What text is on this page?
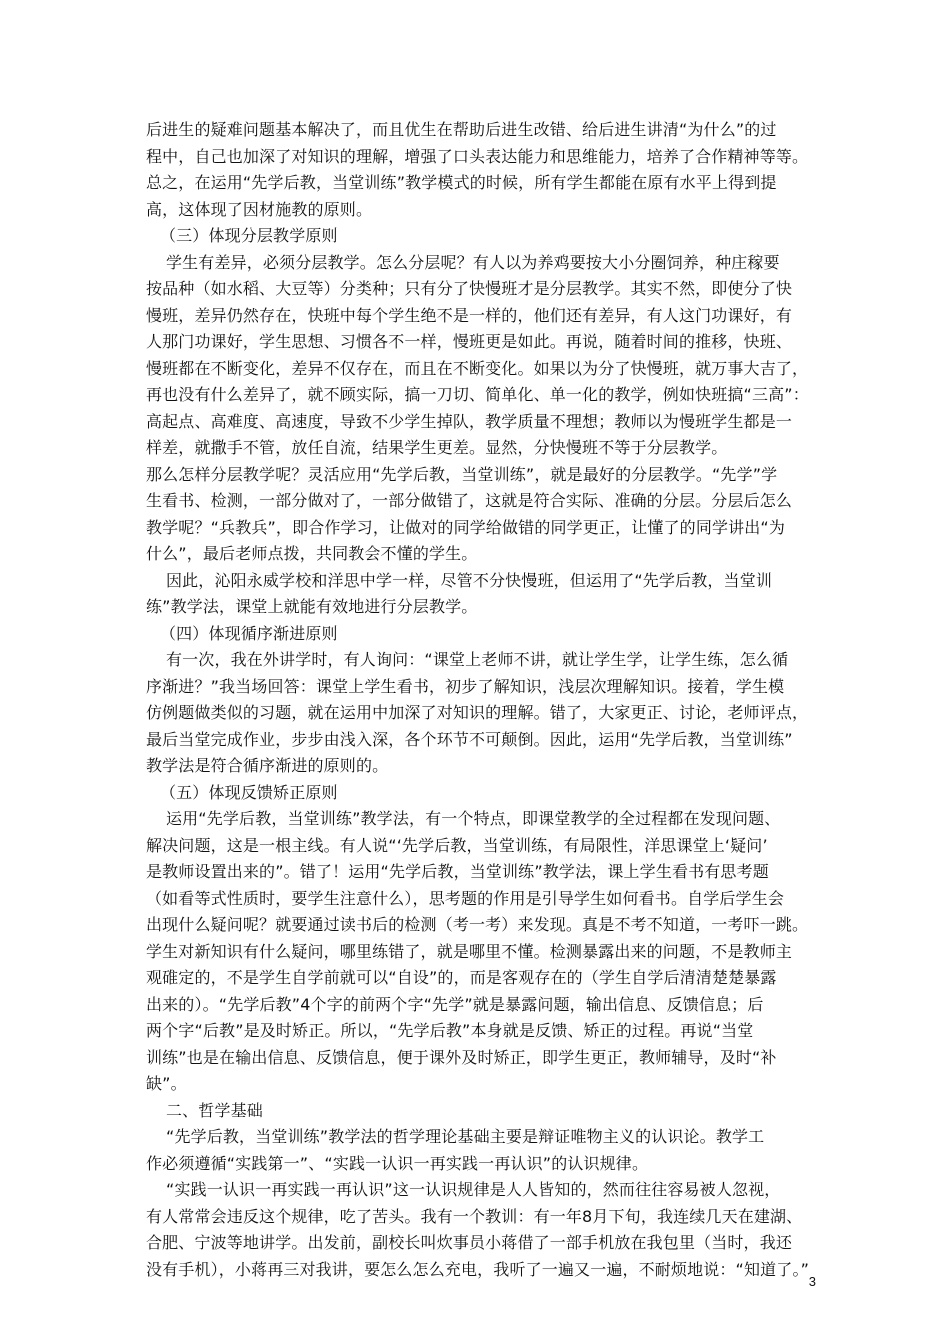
后进生的疑难问题基本解决了，而且优生在帮助后进生改错、给后进生讲清“为什么”的过
程中，自己也加深了对知识的理解，增强了口头表达能力和思维能力，培养了合作精神等等。
总之，在运用“先学后教，当堂训练”教学模式的时候，所有学生都能在原有水平上得到提
高，这体现了因材施教的原则。
（三）体现分层教学原则
学生有差异，必须分层教学。怎么分层呢？有人以为养鸡要按大小分圈饲养，种庄稼要
按品种（如水稻、大豆等）分类种；只有分了快慢班才是分层教学。其实不然，即使分了快
慢班，差异仍然存在，快班中每个学生绝不是一样的，他们还有差异，有人这门功课好，有
人那门功课好，学生思想、习惯各不一样，慢班更是如此。再说，随着时间的推移，快班、
慢班都在不断变化，差异不仅存在，而且在不断变化。如果以为分了快慢班，就万事大吉了，
再也没有什么差异了，就不顾实际，搞一刀切、简单化、单一化的教学，例如快班搞“三高”：
高起点、高难度、高速度，导致不少学生掉队，教学质量不理想；教师以为慢班学生都是一
样差，就撒手不管，放任自流，结果学生更差。显然，分快慢班不等于分层教学。
那么怎样分层教学呢？灵活应用“先学后教，当堂训练”，就是最好的分层教学。“先学”学
生看书、检测，一部分做对了，一部分做错了，这就是符合实际、准确的分层。分层后怎么
教学呢？“兵教兵”，即合作学习，让做对的同学给做错的同学更正，让懂了的同学讲出“为
什么”，最后老师点拨，共同教会不懂的学生。
因此，沁阳永威学校和洋思中学一样，尽管不分快慢班，但运用了“先学后教，当堂训
练”教学法，课堂上就能有效地进行分层教学。
（四）体现循序渐进原则
有一次，我在外讲学时，有人询问：“课堂上老师不讲，就让学生学，让学生练，怎么循
序渐进？”我当场回答：课堂上学生看书，初步了解知识，浅层次理解知识。接着，学生模
仿例题做类似的习题，就在运用中加深了对知识的理解。错了，大家更正、讨论，老师评点，
最后当堂完成作业，步步由浅入深，各个环节不可颠倒。因此，运用“先学后教，当堂训练”
教学法是符合循序渐进的原则的。
（五）体现反馈矫正原则
运用“先学后教，当堂训练”教学法，有一个特点，即课堂教学的全过程都在发现问题、
解决问题，这是一根主线。有人说“‘先学后教，当堂训练，有局限性，洋思课堂上‘疑问’
是教师设置出来的”。错了！运用“先学后教，当堂训练”教学法，课上学生看书有思考题
（如看等式性质时，要学生注意什么），思考题的作用是引导学生如何看书。自学后学生会
出现什么疑问呢？就要通过读书后的检测（考一考）来发现。真是不考不知道，一考吓一跳。
学生对新知识有什么疑问，哪里练错了，就是哪里不懂。检测暴露出来的问题，不是教师主
观碓定的，不是学生自学前就可以“自设”的，而是客观存在的（学生自学后清清楚楚暴露
出来的）。“先学后教”4个字的前两个字“先学”就是暴露问题，输出信息、反馈信息；后
两个字“后教”是及时矫正。所以，“先学后教”本身就是反馈、矫正的过程。再说“当堂
训练”也是在输出信息、反馈信息，便于课外及时矫正，即学生更正，教师辅导，及时“补
缺”。
二、哲学基础
“先学后教，当堂训练”教学法的哲学理论基础主要是辩证唯物主义的认识论。教学工
作必须遵循“实践第一”、“实践一认识一再实践一再认识”的认识规律。
“实践一认识一再实践一再认识”这一认识规律是人人皆知的，然而往往容易被人忽视，
有人常常会违反这个规律，吃了苦头。我有一个教训：有一年8月下旬，我连续几天在建湖、
合肥、宁波等地讲学。出发前，副校长叫炊事员小蒋借了一部手机放在我包里（当时，我还
没有手机），小蒋再三对我讲，要怎么怎么充电，我听了一遍又一遍，不耐烦地说：“知道了。”
3
